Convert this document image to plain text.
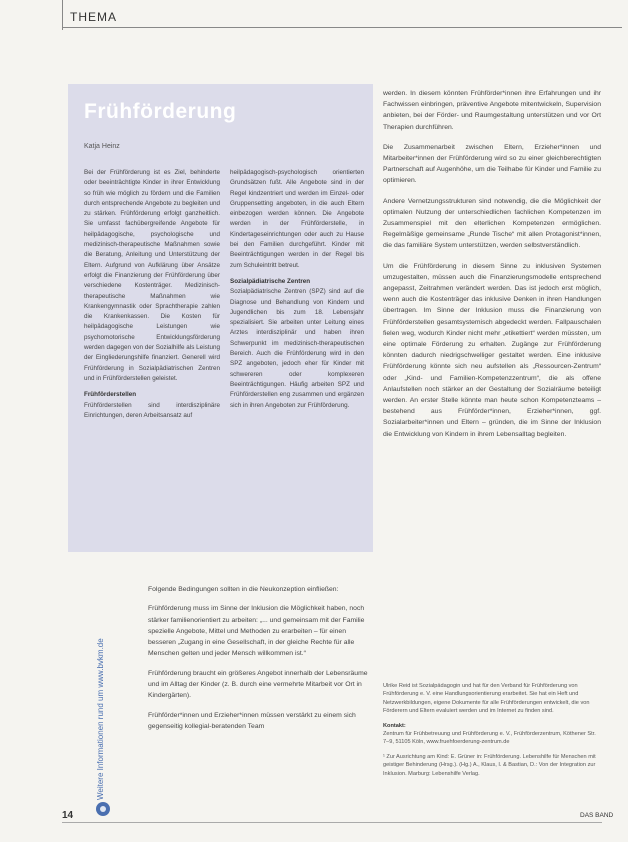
THEMA
Frühförderung
Katja Heinz

Bei der Frühförderung ist es Ziel, behinderte oder beeinträchtigte Kinder in ihrer Entwicklung so früh wie möglich zu fördern und die Familien durch entsprechende Angebote zu begleiten und zu stärken. Frühförderung erfolgt ganzheitlich. Sie umfasst fachübergreifende Angebote für heilpädagogische, psychologische und medizinisch-therapeutische Maßnahmen sowie die Beratung, Anleitung und Unterstützung der Eltern. Aufgrund von Aufklärung über Ansätze erfolgt die Finanzierung der Frühförderung über verschiedene Kostenträger. Medizinisch-therapeutische Maßnahmen wie Krankengymnastik oder Sprachtherapie zahlen die Krankenkassen. Die Kosten für heilpädagogische Leistungen wie psychomotorische Entwicklungsförderung werden dagegen von der Sozialhilfe als Leistung der Eingliederungshilfe finanziert. Generell wird Frühförderung in Sozialpädiatrischen Zentren und in Frühförderstellen geleistet.

Frühförderstellen

Frühförderstellen sind interdisziplinäre Einrichtungen, deren Arbeitsansatz auf

heilpädagogisch-psychologisch orientierten Grundsätzen fußt. Alle Angebote sind in der Regel kindzentriert und werden im Einzel- oder Gruppensetting angeboten, in die auch Eltern einbezogen werden können. Die Angebote werden in der Frühförderstelle, in Kindertageseinrichtungen oder auch zu Hause bei den Familien durchgeführt. Kinder mit Beeinträchtigungen werden in der Regel bis zum Schuleintritt betreut.

Sozialpädiatrische Zentren

Sozialpädiatrische Zentren (SPZ) sind auf die Diagnose und Behandlung von Kindern und Jugendlichen bis zum 18. Lebensjahr spezialisiert. Sie arbeiten unter Leitung eines Arztes interdisziplinär und haben ihren Schwerpunkt im medizinisch-therapeutischen Bereich. Auch die Frühförderung wird in den SPZ angeboten, jedoch eher für Kinder mit schwereren oder komplexeren Beeinträchtigungen. Häufig arbeiten SPZ und Frühförderstellen eng zusammen und ergänzen sich in ihren Angeboten zur Frühförderung.

werden. In diesem könnten Frühförder*innen ihre Erfahrungen und ihr Fachwissen einbringen, präventive Angebote mitentwickeln, Supervision anbieten, bei der Förder- und Raumgestaltung unterstützen und vor Ort Therapien durchführen.

Die Zusammenarbeit zwischen Eltern, Erzieher*innen und Mitarbeiter*innen der Frühförderung wird so zu einer gleichberechtigten Partnerschaft auf Augenhöhe, um die Teilhabe für Kinder und Familie zu optimieren.

Andere Vernetzungsstrukturen sind notwendig, die die Möglichkeit der optimalen Nutzung der unterschiedlichen fachlichen Kompetenzen im Zusammenspiel mit den elterlichen Kompetenzen ermöglichen. Regelmäßige gemeinsame „Runde Tische“ mit allen Protagonist*innen, die das familiäre System unterstützen, werden selbstverständlich.

Um die Frühförderung in diesem Sinne zu inklusiven Systemen umzugestalten, müssen auch die Finanzierungsmodelle entsprechend angepasst, Zeitrahmen verändert werden. Das ist jedoch erst möglich, wenn auch die Kostenträger das inklusive Denken in ihren Handlungen übertragen. Im Sinne der Inklusion muss die Finanzierung von Frühförderstellen gesamtsystemisch abgedeckt werden. Fallpauschalen fielen weg, wodurch Kinder nicht mehr „etikettiert“ werden müssten, um eine optimale Förderung zu erhalten. Zugänge zur Frühförderung könnten dadurch niedrigschwelliger gestaltet werden. Eine inklusive Frühförderung könnte sich neu aufstellen als „Ressourcen-Zentrum“ oder „Kind- und Familien-Kompetenzzentrum“, die als offene Anlaufstellen noch stärker an der Gestaltung der Sozialräume beteiligt werden. An erster Stelle könnte man heute schon Kompetenzteams – bestehend aus Frühförder*innen, Erzieher*innen, ggf. Sozialarbeiter*innen und Eltern – gründen, die im Sinne der Inklusion die Entwicklung von Kindern in ihrem Lebensalltag begleiten.

Folgende Bedingungen sollten in die Neukonzeption einfließen:

Frühförderung muss im Sinne der Inklusion die Möglichkeit haben, noch stärker familienorientiert zu arbeiten: „... und gemeinsam mit der Familie spezielle Angebote, Mittel und Methoden zu erarbeiten – für einen besseren „Zugang in eine Gesellschaft, in der gleiche Rechte für alle Menschen gelten und jeder Mensch willkommen ist.“

Frühförderung braucht ein größeres Angebot innerhalb der Lebensräume und im Alltag der Kinder (z. B. durch eine vermehrte Mitarbeit vor Ort in Kindergärten).

Frühförder*innen und Erzieher*innen müssen verstärkt zu einem sich gegenseitig kollegial-beratenden Team

Ulrike Reid ist Sozialpädagogin und hat für den Verband für Frühförderung von Frühförderung e. V. eine Handlungsorientierung erarbeitet. Sie hat ein Heft und Netzwerkbildungen, eigene Dokumente für alle Frühförderungen entwickelt, die von Förderern und Eltern evaluiert werden und im Internet zu finden sind.

Kontakt:

Zentrum für Frühbetreuung und Frühförderung e. V., Frühförderzentrum, Köthener Str. 7–9, 51105 Köln, www.fruehfoerderung-zentrum.de

¹ Zur Ausrichtung am Kind: E. Grüner in: Frühförderung. Lebenshilfe für Menschen mit geistiger Behinderung (Hrsg.). (Hg.) A., Klaus, I. & Bastian, D.: Von der Integration zur Inklusion. Marburg: Lebenshilfe Verlag.

Weitere Informationen rund um www.bvkm.de
14	DAS BAND
